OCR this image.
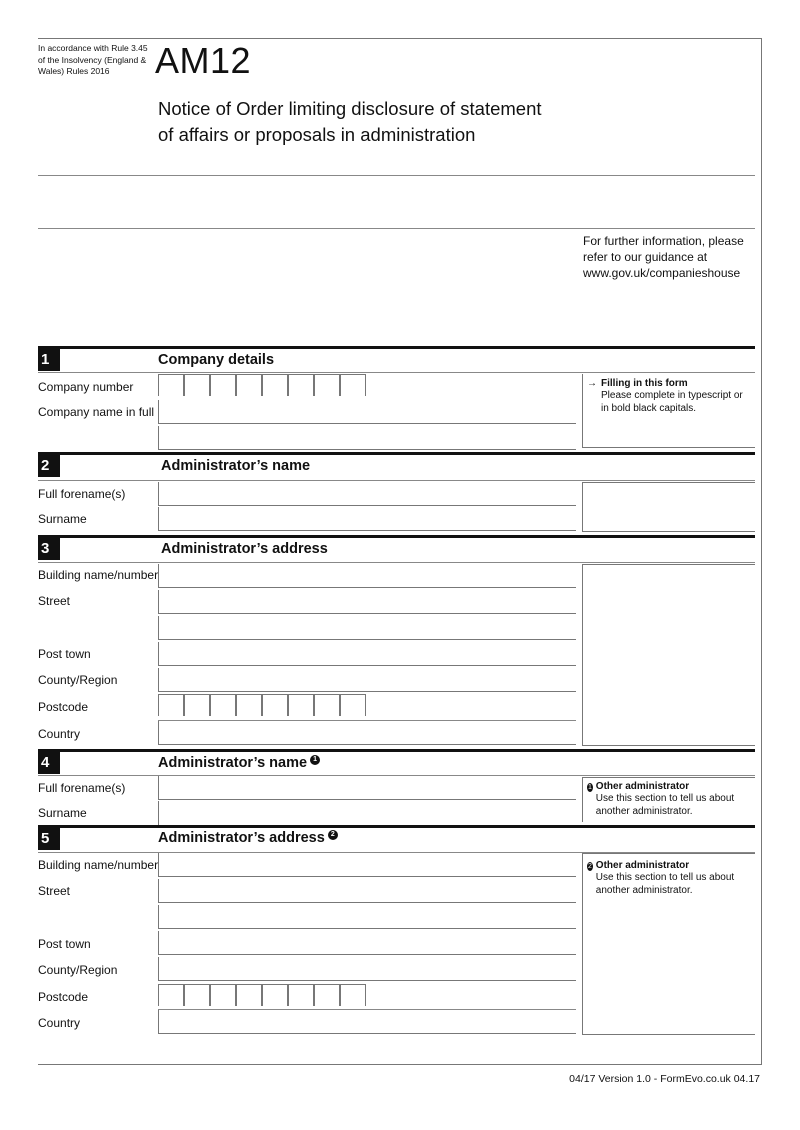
In accordance with Rule 3.45 of the Insolvency (England & Wales) Rules 2016	AM12
Notice of Order limiting disclosure of statement of affairs or proposals in administration
For further information, please refer to our guidance at www.gov.uk/companieshouse
1	Company details
Company number
Company name in full
→ Filling in this form
Please complete in typescript or in bold black capitals.
2	Administrator’s name
Full forename(s)
Surname
3	Administrator’s address
Building name/number
Street
Post town
County/Region
Postcode
Country
4	Administrator’s name $^1$
Full forename(s)
Surname
1 Other administrator
Use this section to tell us about another administrator.
5	Administrator’s address $^2$
Building name/number
Street
Post town
County/Region
Postcode
Country
2 Other administrator
Use this section to tell us about another administrator.
04/17 Version 1.0 - FormEvo.co.uk 04.17
